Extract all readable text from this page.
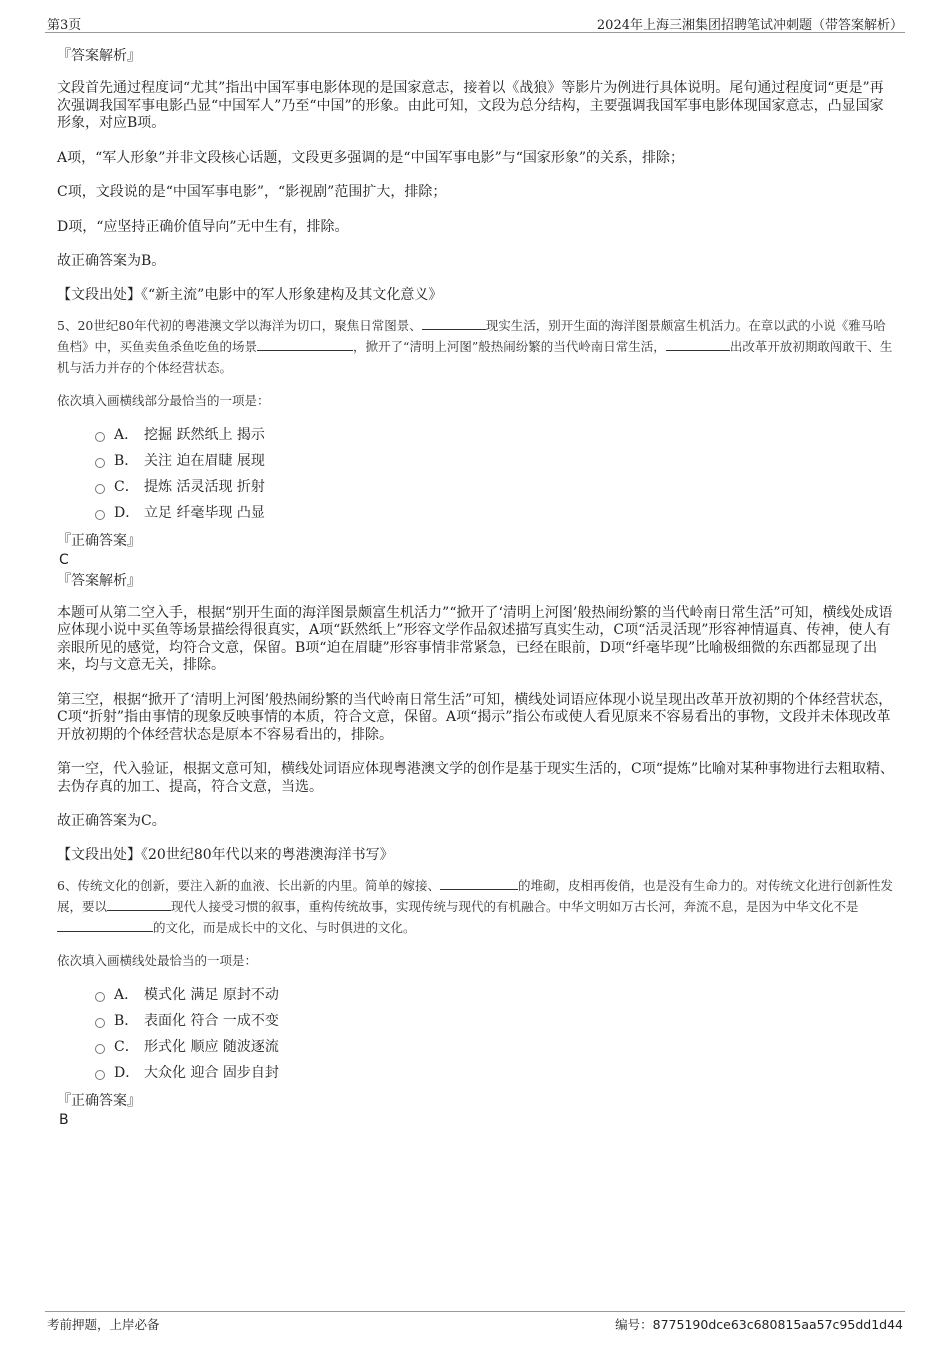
第3页	2024年上海三湘集团招聘笔试冲刺题（带答案解析）

『答案解析』

文段首先通过程度词“尤其”指出中国军事电影体现的是国家意志，接着以《战狼》等影片为例进行具体说明。尾句通过程度词“更是”再次强调我国军事电影凸显“中国军人”乃至“中国”的形象。由此可知，文段为总分结构，主要强调我国军事电影体现国家意志，凸显国家形象，对应B项。

A项，“军人形象”并非文段核心话题，文段更多强调的是“中国军事电影”与“国家形象”的关系，排除；

C项，文段说的是“中国军事电影”，“影视剧”范围扩大，排除；

D项，“应坚持正确价值导向”无中生有，排除。

故正确答案为B。

【文段出处】《“新主流”电影中的军人形象建构及其文化意义》

5、20世纪80年代初的粤港澳文学以海洋为切口，聚焦日常图景、	现实生活，别开生面的海洋图景颇富生机活力。在章以武的小说《雅马哈鱼档》中，买鱼卖鱼杀鱼吃鱼的场景	，掀开了“清明上河图”般热闹纷繁的当代岭南日常生活，	出改革开放初期敢闯敢干、生机与活力并存的个体经营状态。

依次填入画横线部分最恰当的一项是：

A． 挖掘 跃然纸上 揭示
B． 关注 迫在眉睫 展现
C． 提炼 活灵活现 折射
D． 立足 纤毫毕现 凸显

『正确答案』

C

『答案解析』

本题可从第二空入手，根据“别开生面的海洋图景颇富生机活力”“掀开了‘清明上河图’般热闹纷繁的当代岭南日常生活”可知，横线处成语应体现小说中买鱼等场景描绘得很真实，A项“跃然纸上”形容文学作品叙述描写真实生动，C项“活灵活现”形容神情逼真、传神，使人有亲眼所见的感觉，均符合文意，保留。B项“迫在眉睫”形容事情非常紧急，已经在眼前，D项“纤毫毕现”比喻极细微的东西都显现了出来，均与文意无关，排除。

第三空，根据“掀开了‘清明上河图’般热闹纷繁的当代岭南日常生活”可知，横线处词语应体现小说呈现出改革开放初期的个体经营状态，C项“折射”指由事情的现象反映事情的本质，符合文意，保留。A项“揭示”指公布或使人看见原来不容易看出的事物，文段并未体现改革开放初期的个体经营状态是原本不容易看出的，排除。

第一空，代入验证，根据文意可知，横线处词语应体现粤港澳文学的创作是基于现实生活的，C项“提炼”比喻对某种事物进行去粗取精、去伪存真的加工、提高，符合文意，当选。

故正确答案为C。

【文段出处】《20世纪80年代以来的粤港澳海洋书写》

6、传统文化的创新，要注入新的血液、长出新的内里。简单的嫁接、	的堆砌，皮相再俊俏，也是没有生命力的。对传统文化进行创新性发展，要以	现代人接受习惯的叙事，重构传统故事，实现传统与现代的有机融合。中华文明如万古长河，奔流不息，是因为中华文化不是的文化，而是成长中的文化、与时俱进的文化。

依次填入画横线处最恰当的一项是：

A． 模式化 满足 原封不动
B． 表面化 符合 一成不变
C． 形式化 顺应 随波逐流
D． 大众化 迎合 固步自封

『正确答案』

B

考前押题，上岸必备	编号：8775190dce63c680815aa57c95dd1d44
